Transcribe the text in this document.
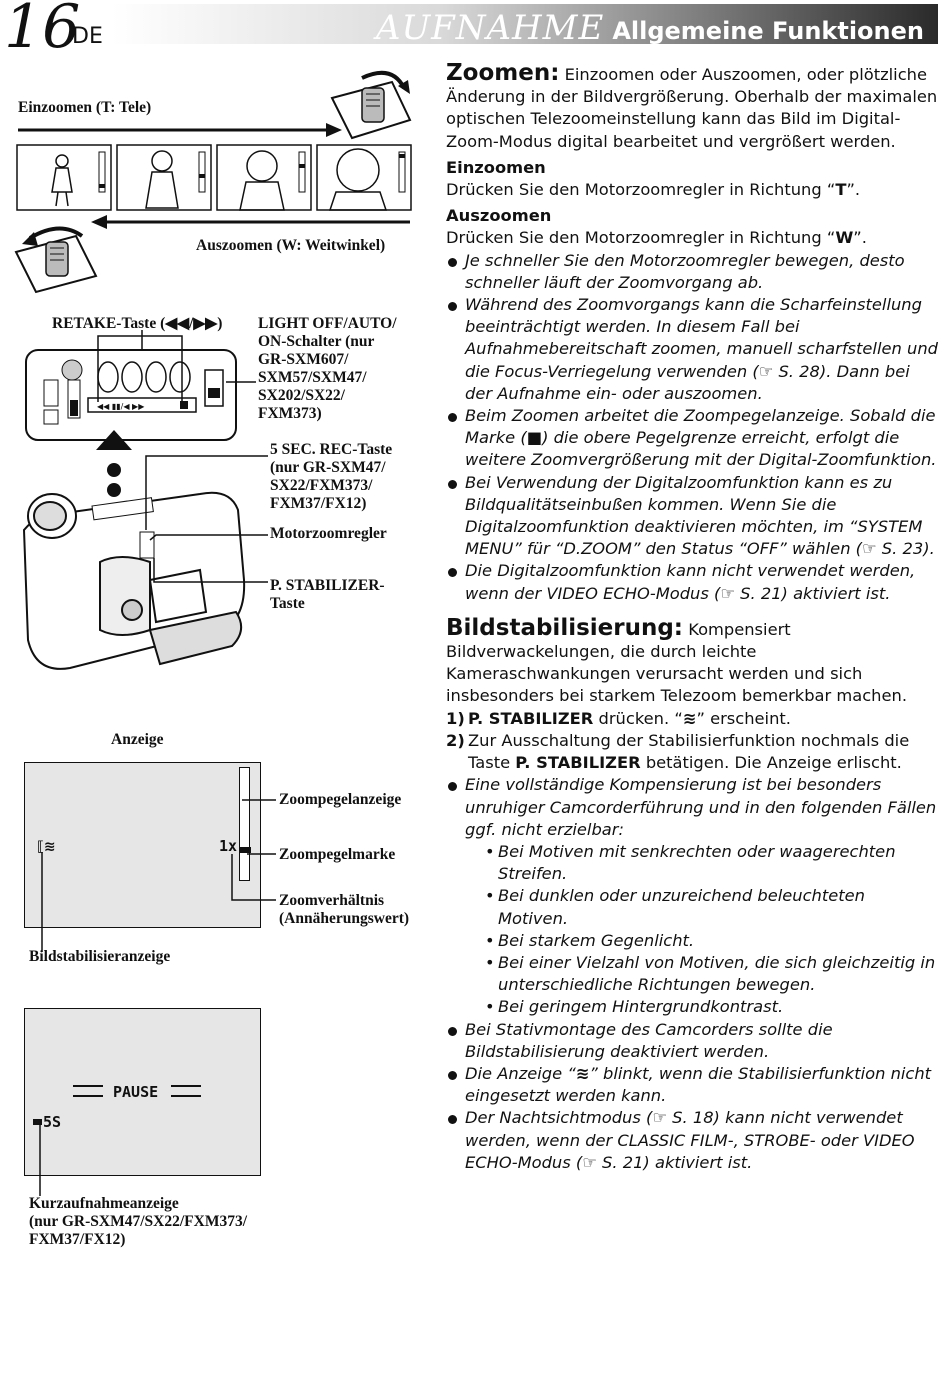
16
DE	AUFNAHME Allgemeine Funktionen
Einzoomen (T: Tele)
Auszoomen (W: Weitwinkel)
RETAKE-Taste (◀◀/▶▶) LIGHT OFF/AUTO/
ON-Schalter (nur
GR-SXM607/
SXM57/SXM47/
SX202/SX22/
FXM373)
5 SEC. REC-Taste
(nur GR-SXM47/
SX22/FXM373/
FXM37/FX12)
Motorzoomregler
P. STABILIZER-
Taste
◀◀ ▮▮/◀ ▶▶
Anzeige
1x
⟦≋
Zoompegelanzeige
Zoompegelmarke
Zoomverhältnis
(Annäherungswert)
Bildstabilisieranzeige
PAUSE
5S
Kurzaufnahmeanzeige
(nur GR-SXM47/SX22/FXM373/
FXM37/FX12)

Zoomen: Einzoomen oder Auszoomen, oder plötzliche Änderung in der Bildvergrößerung. Oberhalb der maximalen optischen Telezoomeinstellung kann das Bild im Digital-Zoom-Modus digital bearbeitet und vergrößert werden.

Einzoomen

Drücken Sie den Motorzoomregler in Richtung “T”.

Auszoomen

Drücken Sie den Motorzoomregler in Richtung “W”.

Je schneller Sie den Motorzoomregler bewegen, desto schneller läuft der Zoomvorgang ab.
Während des Zoomvorgangs kann die Scharfeinstellung beeinträchtigt werden. In diesem Fall bei Aufnahmebereitschaft zoomen, manuell scharfstellen und die Focus-Verriegelung verwenden (☞ S. 28). Dann bei der Aufnahme ein- oder auszoomen.
Beim Zoomen arbeitet die Zoompegelanzeige. Sobald die Marke (■) die obere Pegelgrenze erreicht, erfolgt die weitere Zoomvergrößerung mit der Digital-Zoomfunktion.
Bei Verwendung der Digitalzoomfunktion kann es zu Bildqualitätseinbußen kommen. Wenn Sie die Digitalzoomfunktion deaktivieren möchten, im “SYSTEM MENU” für “D.ZOOM” den Status “OFF” wählen (☞ S. 23).
Die Digitalzoomfunktion kann nicht verwendet werden, wenn der VIDEO ECHO-Modus (☞ S. 21) aktiviert ist.

Bildstabilisierung: Kompensiert Bildverwackelungen, die durch leichte Kameraschwankungen verursacht werden und sich insbesonders bei starkem Telezoom bemerkbar machen.

1) P. STABILIZER drücken. “≋” erscheint.

2) Zur Ausschaltung der Stabilisierfunktion nochmals die Taste P. STABILIZER betätigen. Die Anzeige erlischt.

Eine vollständige Kompensierung ist bei besonders unruhiger Camcorderführung und in den folgenden Fällen ggf. nicht erzielbar:
• Bei Motiven mit senkrechten oder waagerechten Streifen.
• Bei dunklen oder unzureichend beleuchteten Motiven.
• Bei starkem Gegenlicht.
• Bei einer Vielzahl von Motiven, die sich gleichzeitig in unterschiedliche Richtungen bewegen.
• Bei geringem Hintergrundkontrast.
Bei Stativmontage des Camcorders sollte die Bildstabilisierung deaktiviert werden.
Die Anzeige “≋” blinkt, wenn die Stabilisierfunktion nicht eingesetzt werden kann.
Der Nachtsichtmodus (☞ S. 18) kann nicht verwendet werden, wenn der CLASSIC FILM-, STROBE- oder VIDEO ECHO-Modus (☞ S. 21) aktiviert ist.
